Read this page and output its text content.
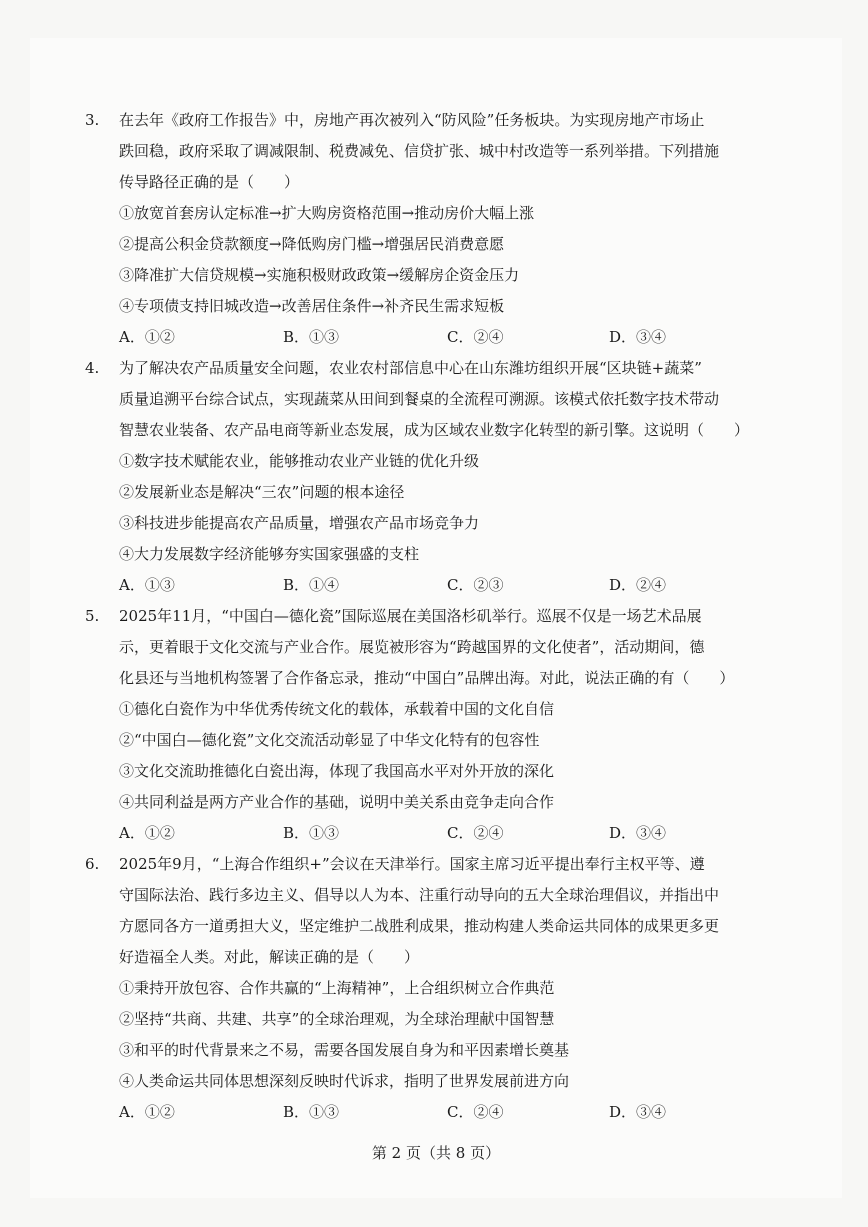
3. 在去年《政府工作报告》中，房地产再次被列入“防风险”任务板块。为实现房地产市场止
跌回稳，政府采取了调减限制、税费减免、信贷扩张、城中村改造等一系列举措。下列措施
传导路径正确的是（　　）
①放宽首套房认定标准→扩大购房资格范围→推动房价大幅上涨
②提高公积金贷款额度→降低购房门槛→增强居民消费意愿
③降准扩大信贷规模→实施积极财政政策→缓解房企资金压力
④专项债支持旧城改造→改善居住条件→补齐民生需求短板
A．①②	B．①③	C．②④	D．③④
4. 为了解决农产品质量安全问题，农业农村部信息中心在山东潍坊组织开展“区块链+蔬菜”
质量追溯平台综合试点，实现蔬菜从田间到餐桌的全流程可溯源。该模式依托数字技术带动
智慧农业装备、农产品电商等新业态发展，成为区域农业数字化转型的新引擎。这说明（　　）
①数字技术赋能农业，能够推动农业产业链的优化升级
②发展新业态是解决“三农”问题的根本途径
③科技进步能提高农产品质量，增强农产品市场竞争力
④大力发展数字经济能够夯实国家强盛的支柱
A．①③	B．①④	C．②③	D．②④
5. 2025年11月，“中国白—德化瓷”国际巡展在美国洛杉矶举行。巡展不仅是一场艺术品展
示，更着眼于文化交流与产业合作。展览被形容为“跨越国界的文化使者”，活动期间，德
化县还与当地机构签署了合作备忘录，推动“中国白”品牌出海。对此，说法正确的有（　　）
①德化白瓷作为中华优秀传统文化的载体，承载着中国的文化自信
②“中国白—德化瓷”文化交流活动彰显了中华文化特有的包容性
③文化交流助推德化白瓷出海，体现了我国高水平对外开放的深化
④共同利益是两方产业合作的基础，说明中美关系由竞争走向合作
A．①②	B．①③	C．②④	D．③④
6. 2025年9月，“上海合作组织+”会议在天津举行。国家主席习近平提出奉行主权平等、遵
守国际法治、践行多边主义、倡导以人为本、注重行动导向的五大全球治理倡议，并指出中
方愿同各方一道勇担大义，坚定维护二战胜利成果，推动构建人类命运共同体的成果更多更
好造福全人类。对此，解读正确的是（　　）
①秉持开放包容、合作共赢的“上海精神”，上合组织树立合作典范
②坚持“共商、共建、共享”的全球治理观，为全球治理献中国智慧
③和平的时代背景来之不易，需要各国发展自身为和平因素增长奠基
④人类命运共同体思想深刻反映时代诉求，指明了世界发展前进方向
A．①②	B．①③	C．②④	D．③④
第 2 页（共 8 页）
